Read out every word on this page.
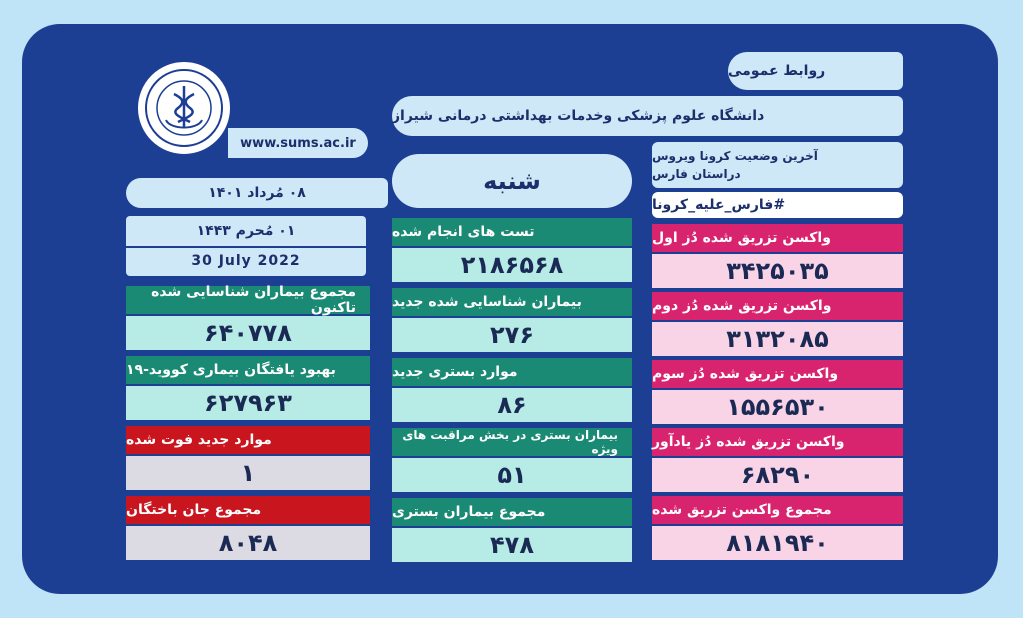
روابط عمومی
دانشگاه علوم پزشکی وخدمات بهداشتی درمانی شیراز
www.sums.ac.ir
آخرین وضعیت کرونا ویروس
دراستان فارس
#فارس_علیه_کرونا
شنبه
۰۸ مُرداد ۱۴۰۱
۰۱ مُحرم ۱۴۴۳
30 July 2022
مجموع بیماران شناسایی شده تاکنون
۶۴۰۷۷۸
بهبود یافتگان بیماری کووید-۱۹
۶۲۷۹۶۳
موارد جدید فوت شده
۱
مجموع جان باختگان
۸۰۴۸
تست های انجام شده
۲۱۸۶۵۶۸
بیماران شناسایی شده جدید
۲۷۶
موارد بستری جدید
۸۶
بیماران بستری در بخش مراقبت های ویژه
۵۱
مجموع بیماران بستری
۴۷۸
واکسن تزریق شده دُز اول
۳۴۲۵۰۳۵
واکسن تزریق شده دُز دوم
۳۱۳۲۰۸۵
واکسن تزریق شده دُز سوم
۱۵۵۶۵۳۰
واکسن تزریق شده دُز یادآور
۶۸۲۹۰
مجموع واکسن تزریق شده
۸۱۸۱۹۴۰
